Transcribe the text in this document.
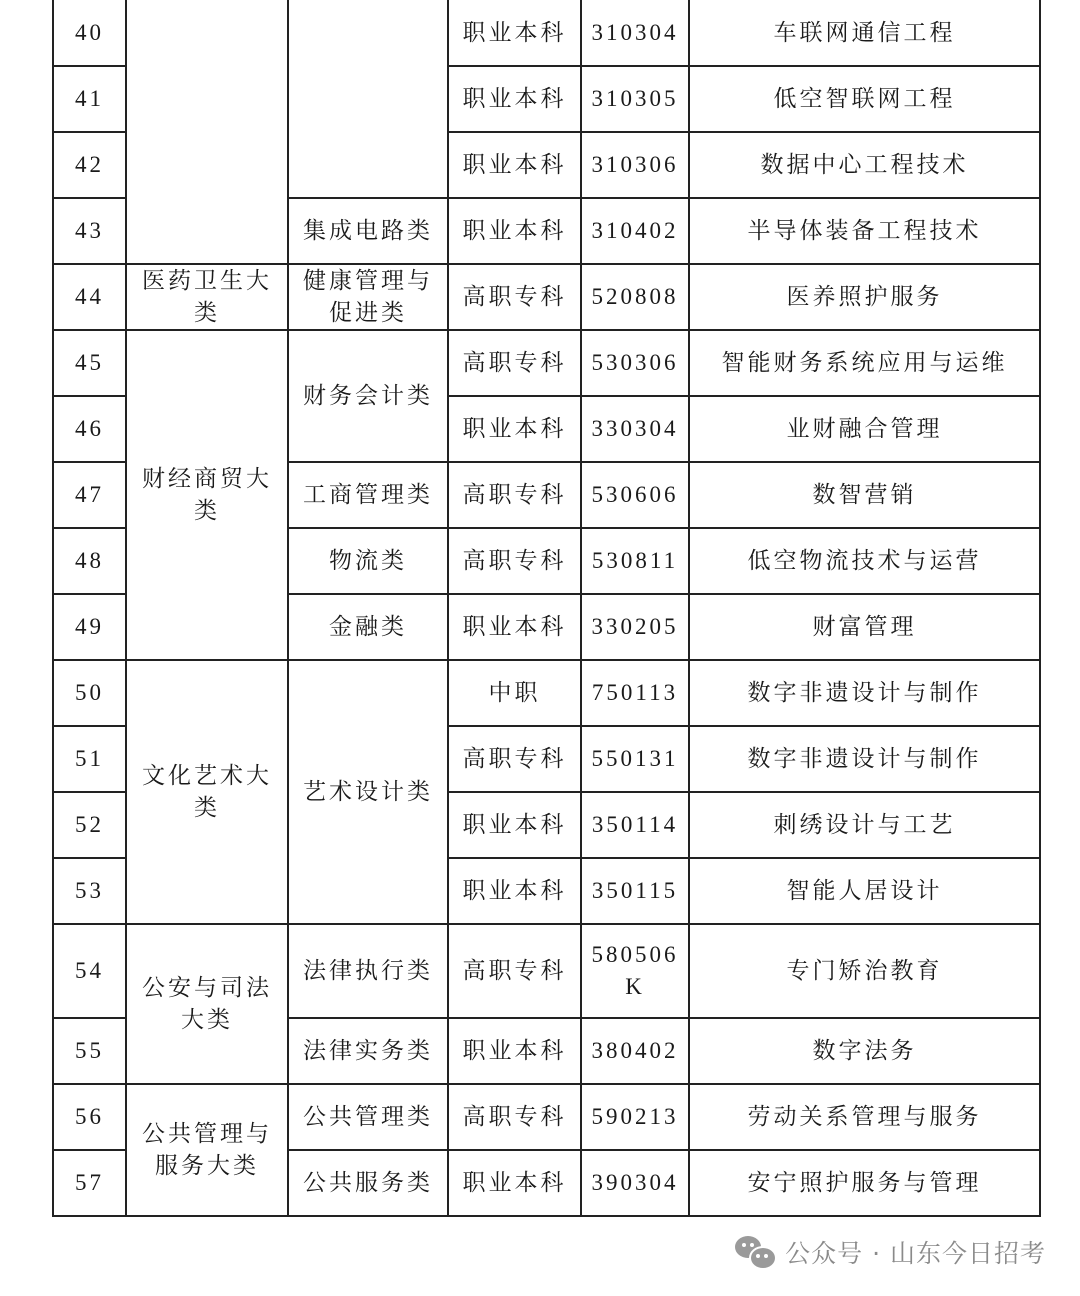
40			职业本科	310304	车联网通信工程
41			职业本科	310305	低空智联网工程
42			职业本科	310306	数据中心工程技术
43		集成电路类	职业本科	310402	半导体装备工程技术
44	医药卫生大类	健康管理与促进类	高职专科	520808	医养照护服务
45	财经商贸大类	财务会计类	高职专科	530306	智能财务系统应用与运维
46			职业本科	330304	业财融合管理
47		工商管理类	高职专科	530606	数智营销
48		物流类	高职专科	530811	低空物流技术与运营
49		金融类	职业本科	330205	财富管理
50	文化艺术大类	艺术设计类	中职	750113	数字非遗设计与制作
51			高职专科	550131	数字非遗设计与制作
52			职业本科	350114	刺绣设计与工艺
53			职业本科	350115	智能人居设计
54	公安与司法大类	法律执行类	高职专科	580506K	专门矫治教育
55		法律实务类	职业本科	380402	数字法务
56	公共管理与服务大类	公共管理类	高职专科	590213	劳动关系管理与服务
57		公共服务类	职业本科	390304	安宁照护服务与管理
公众号 · 山东今日招考
